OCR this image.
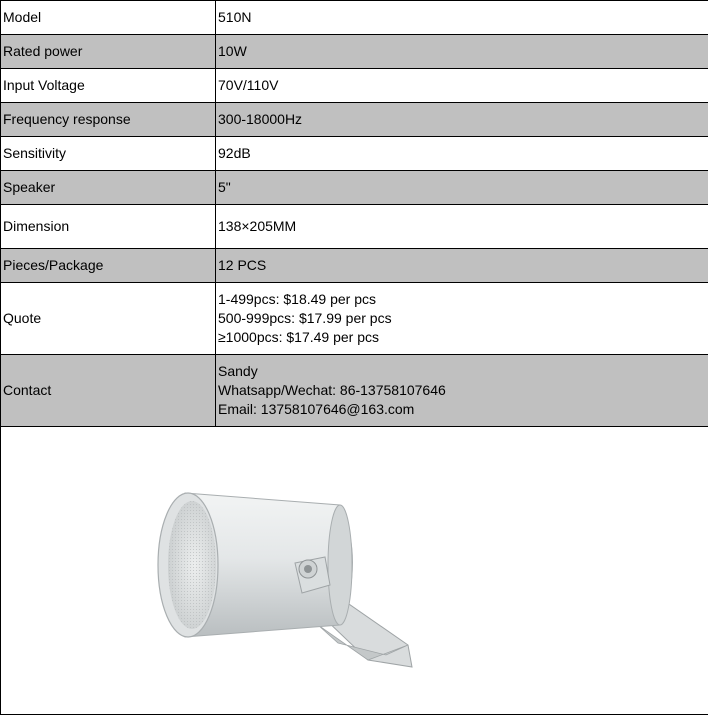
Model	510N
Rated power	10W
Input Voltage	70V/110V
Frequency response	300-18000Hz
Sensitivity	92dB
Speaker	5"
Dimension	138×205MM
Pieces/Package	12 PCS
Quote	1-499pcs: $18.49 per pcs
500-999pcs: $17.99 per pcs
≥1000pcs: $17.49 per pcs

Contact	Sandy
Whatsapp/Wechat: 86-13758107646
Email: 13758107646@163.com
